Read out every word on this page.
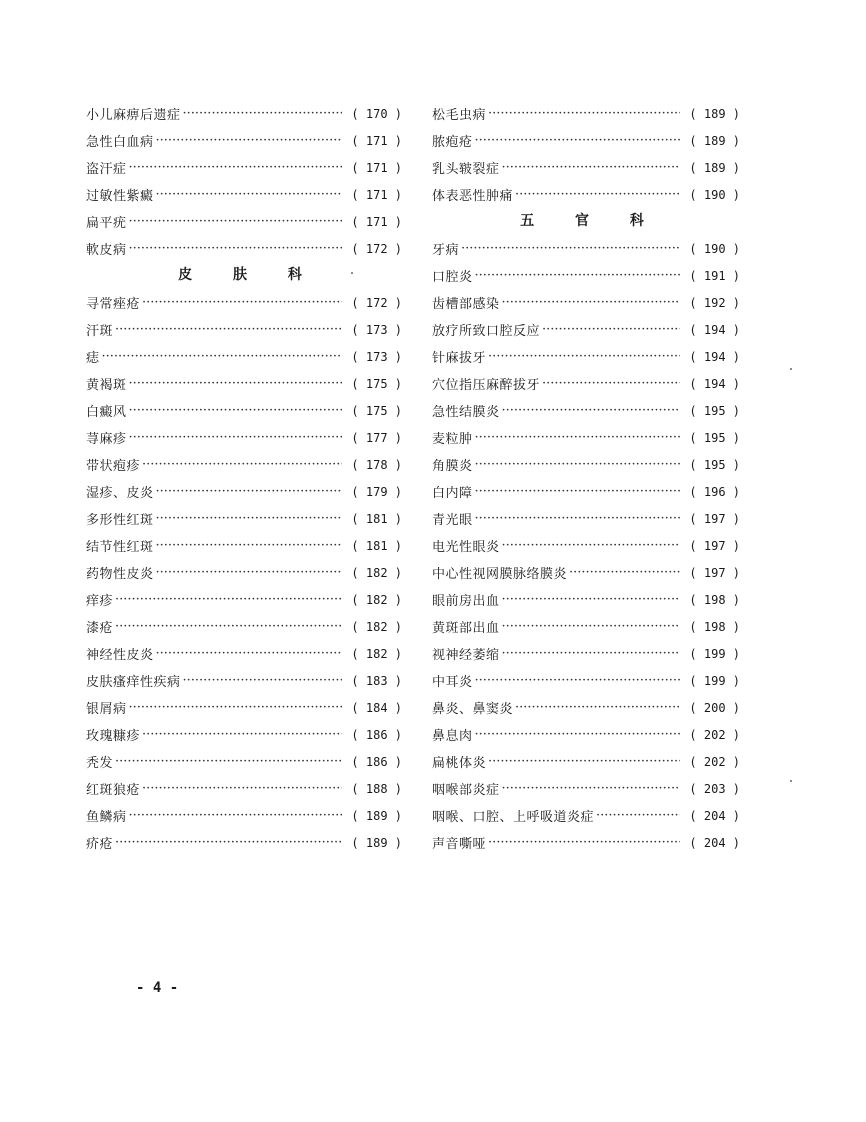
小儿麻痹后遗症 ·····	( 170 )
急性白血病 ·····	( 171 )
盗汗症 ·····	( 171 )
过敏性紫癜 ·····	( 171 )
扁平疣 ·····	( 171 )
軟皮病 ·····	( 172 )
皮 肤 科
寻常痤疮 ·····	( 172 )
汗斑 ·····	( 173 )
痣 ·····	( 173 )
黄褐斑 ·····	( 175 )
白癜风 ·····	( 175 )
荨麻疹 ·····	( 177 )
带状疱疹 ·····	( 178 )
湿疹、皮炎 ·····	( 179 )
多形性红斑 ·····	( 181 )
结节性红斑 ·····	( 181 )
药物性皮炎 ·····	( 182 )
痒疹 ·····	( 182 )
漆疮 ·····	( 182 )
神经性皮炎 ·····	( 182 )
皮肤瘙痒性疾病 ·····	( 183 )
银屑病 ·····	( 184 )
玫瑰糠疹 ·····	( 186 )
秃发 ·····	( 186 )
红斑狼疮 ·····	( 188 )
鱼鳞病 ·····	( 189 )
疥疮 ·····	( 189 )
松毛虫病 ·····	( 189 )
脓疱疮 ·····	( 189 )
乳头皲裂症 ·····	( 189 )
体表恶性肿痛 ·····	( 190 )
五 官 科
牙病 ·····	( 190 )
口腔炎 ·····	( 191 )
齿槽部感染 ·····	( 192 )
放疗所致口腔反应 ·····	( 194 )
针麻拔牙 ·····	( 194 )
穴位指压麻醉拔牙 ·····	( 194 )
急性结膜炎 ·····	( 195 )
麦粒肿 ·····	( 195 )
角膜炎 ·····	( 195 )
白内障 ·····	( 196 )
青光眼 ·····	( 197 )
电光性眼炎 ·····	( 197 )
中心性视网膜脉络膜炎 ·····	( 197 )
眼前房出血 ·····	( 198 )
黄斑部出血 ·····	( 198 )
视神经萎缩 ·····	( 199 )
中耳炎 ·····	( 199 )
鼻炎、鼻窦炎 ·····	( 200 )
鼻息肉 ·····	( 202 )
扁桃体炎 ·····	( 202 )
咽喉部炎症 ·····	( 203 )
咽喉、口腔、上呼吸道炎症 ·····	( 204 )
声音嘶哑 ·····	( 204 )
- 4 -
